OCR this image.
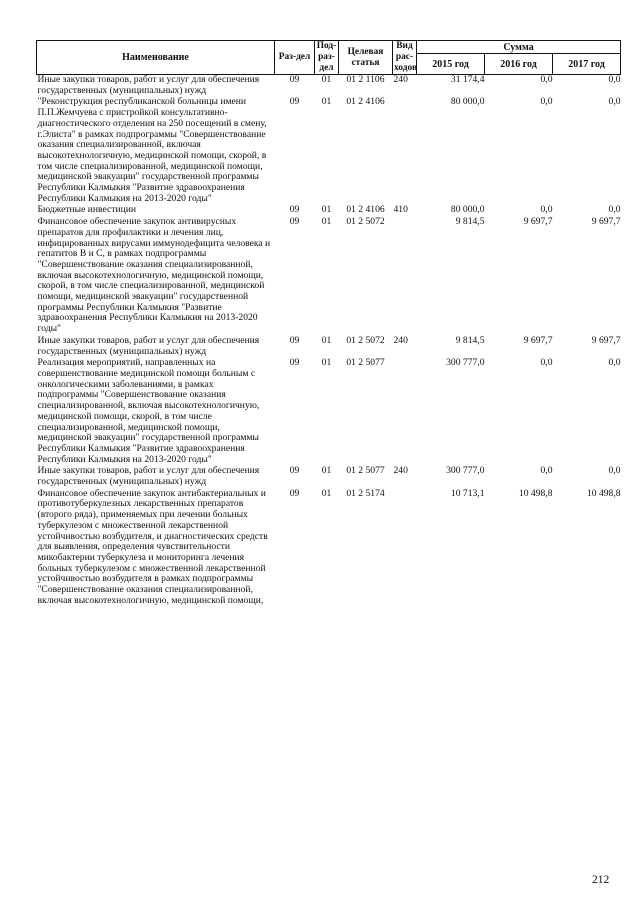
Наименование	Раз-дел	Под-раз-дел	Целевая статья	Вид рас-ходов	Сумма		
					2015 год	2016 год	2017 год
Иные закупки товаров, работ и услуг для обеспечения государственных (муниципальных) нужд	09	01	01 2 1106	240	31 174,4	0,0	0,0
"Реконструкция республиканской больницы имени П.П.Жемчуева с пристройкой консультативно-диагностического отделения на 250 посещений в смену, г.Элиста" в рамках подпрограммы "Совершенствование оказания специализированной, включая высокотехнологичную, медицинской помощи, скорой, в том числе специализированной, медицинской помощи, медицинской эвакуации" государственной программы Республики Калмыкия "Развитие здравоохранения Республики Калмыкия на 2013-2020 годы"	09	01	01 2 4106		80 000,0	0,0	0,0
Бюджетные инвестиции	09	01	01 2 4106	410	80 000,0	0,0	0,0
Финансовое обеспечение закупок антивирусных препаратов для профилактики и лечения лиц, инфицированных вирусами иммунодефицита человека и гепатитов В и С, в рамках подпрограммы "Совершенствование оказания специализированной, включая высокотехнологичную, медицинской помощи, скорой, в том числе специализированной, медицинской помощи, медицинской эвакуации" государственной программы Республики Калмыкия "Развитие здравоохранения Республики Калмыкия на 2013-2020 годы"	09	01	01 2 5072		9 814,5	9 697,7	9 697,7
Иные закупки товаров, работ и услуг для обеспечения государственных (муниципальных) нужд	09	01	01 2 5072	240	9 814,5	9 697,7	9 697,7
Реализация мероприятий, направленных на совершенствование медицинской помощи больным с онкологическими заболеваниями, в рамках подпрограммы "Совершенствование оказания специализированной, включая высокотехнологичную, медицинской помощи, скорой, в том числе специализированной, медицинской помощи, медицинской эвакуации" государственной программы Республики Калмыкия "Развитие здравоохранения Республики Калмыкия на 2013-2020 годы"	09	01	01 2 5077		300 777,0	0,0	0,0
Иные закупки товаров, работ и услуг для обеспечения государственных (муниципальных) нужд	09	01	01 2 5077	240	300 777,0	0,0	0,0
Финансовое обеспечение закупок антибактериальных и противотуберкулезных лекарственных препаратов (второго ряда), применяемых при лечении больных туберкулезом с множественной лекарственной устойчивостью возбудителя, и диагностических средств для выявления, определения чувствительности микобактерии туберкулеза и мониторинга лечения больных туберкулезом с множественной лекарственной устойчивостью возбудителя в рамках подпрограммы "Совершенствование оказания специализированной, включая высокотехнологичную, медицинской помощи,	09	01	01 2 5174		10 713,1	10 498,8	10 498,8
212
